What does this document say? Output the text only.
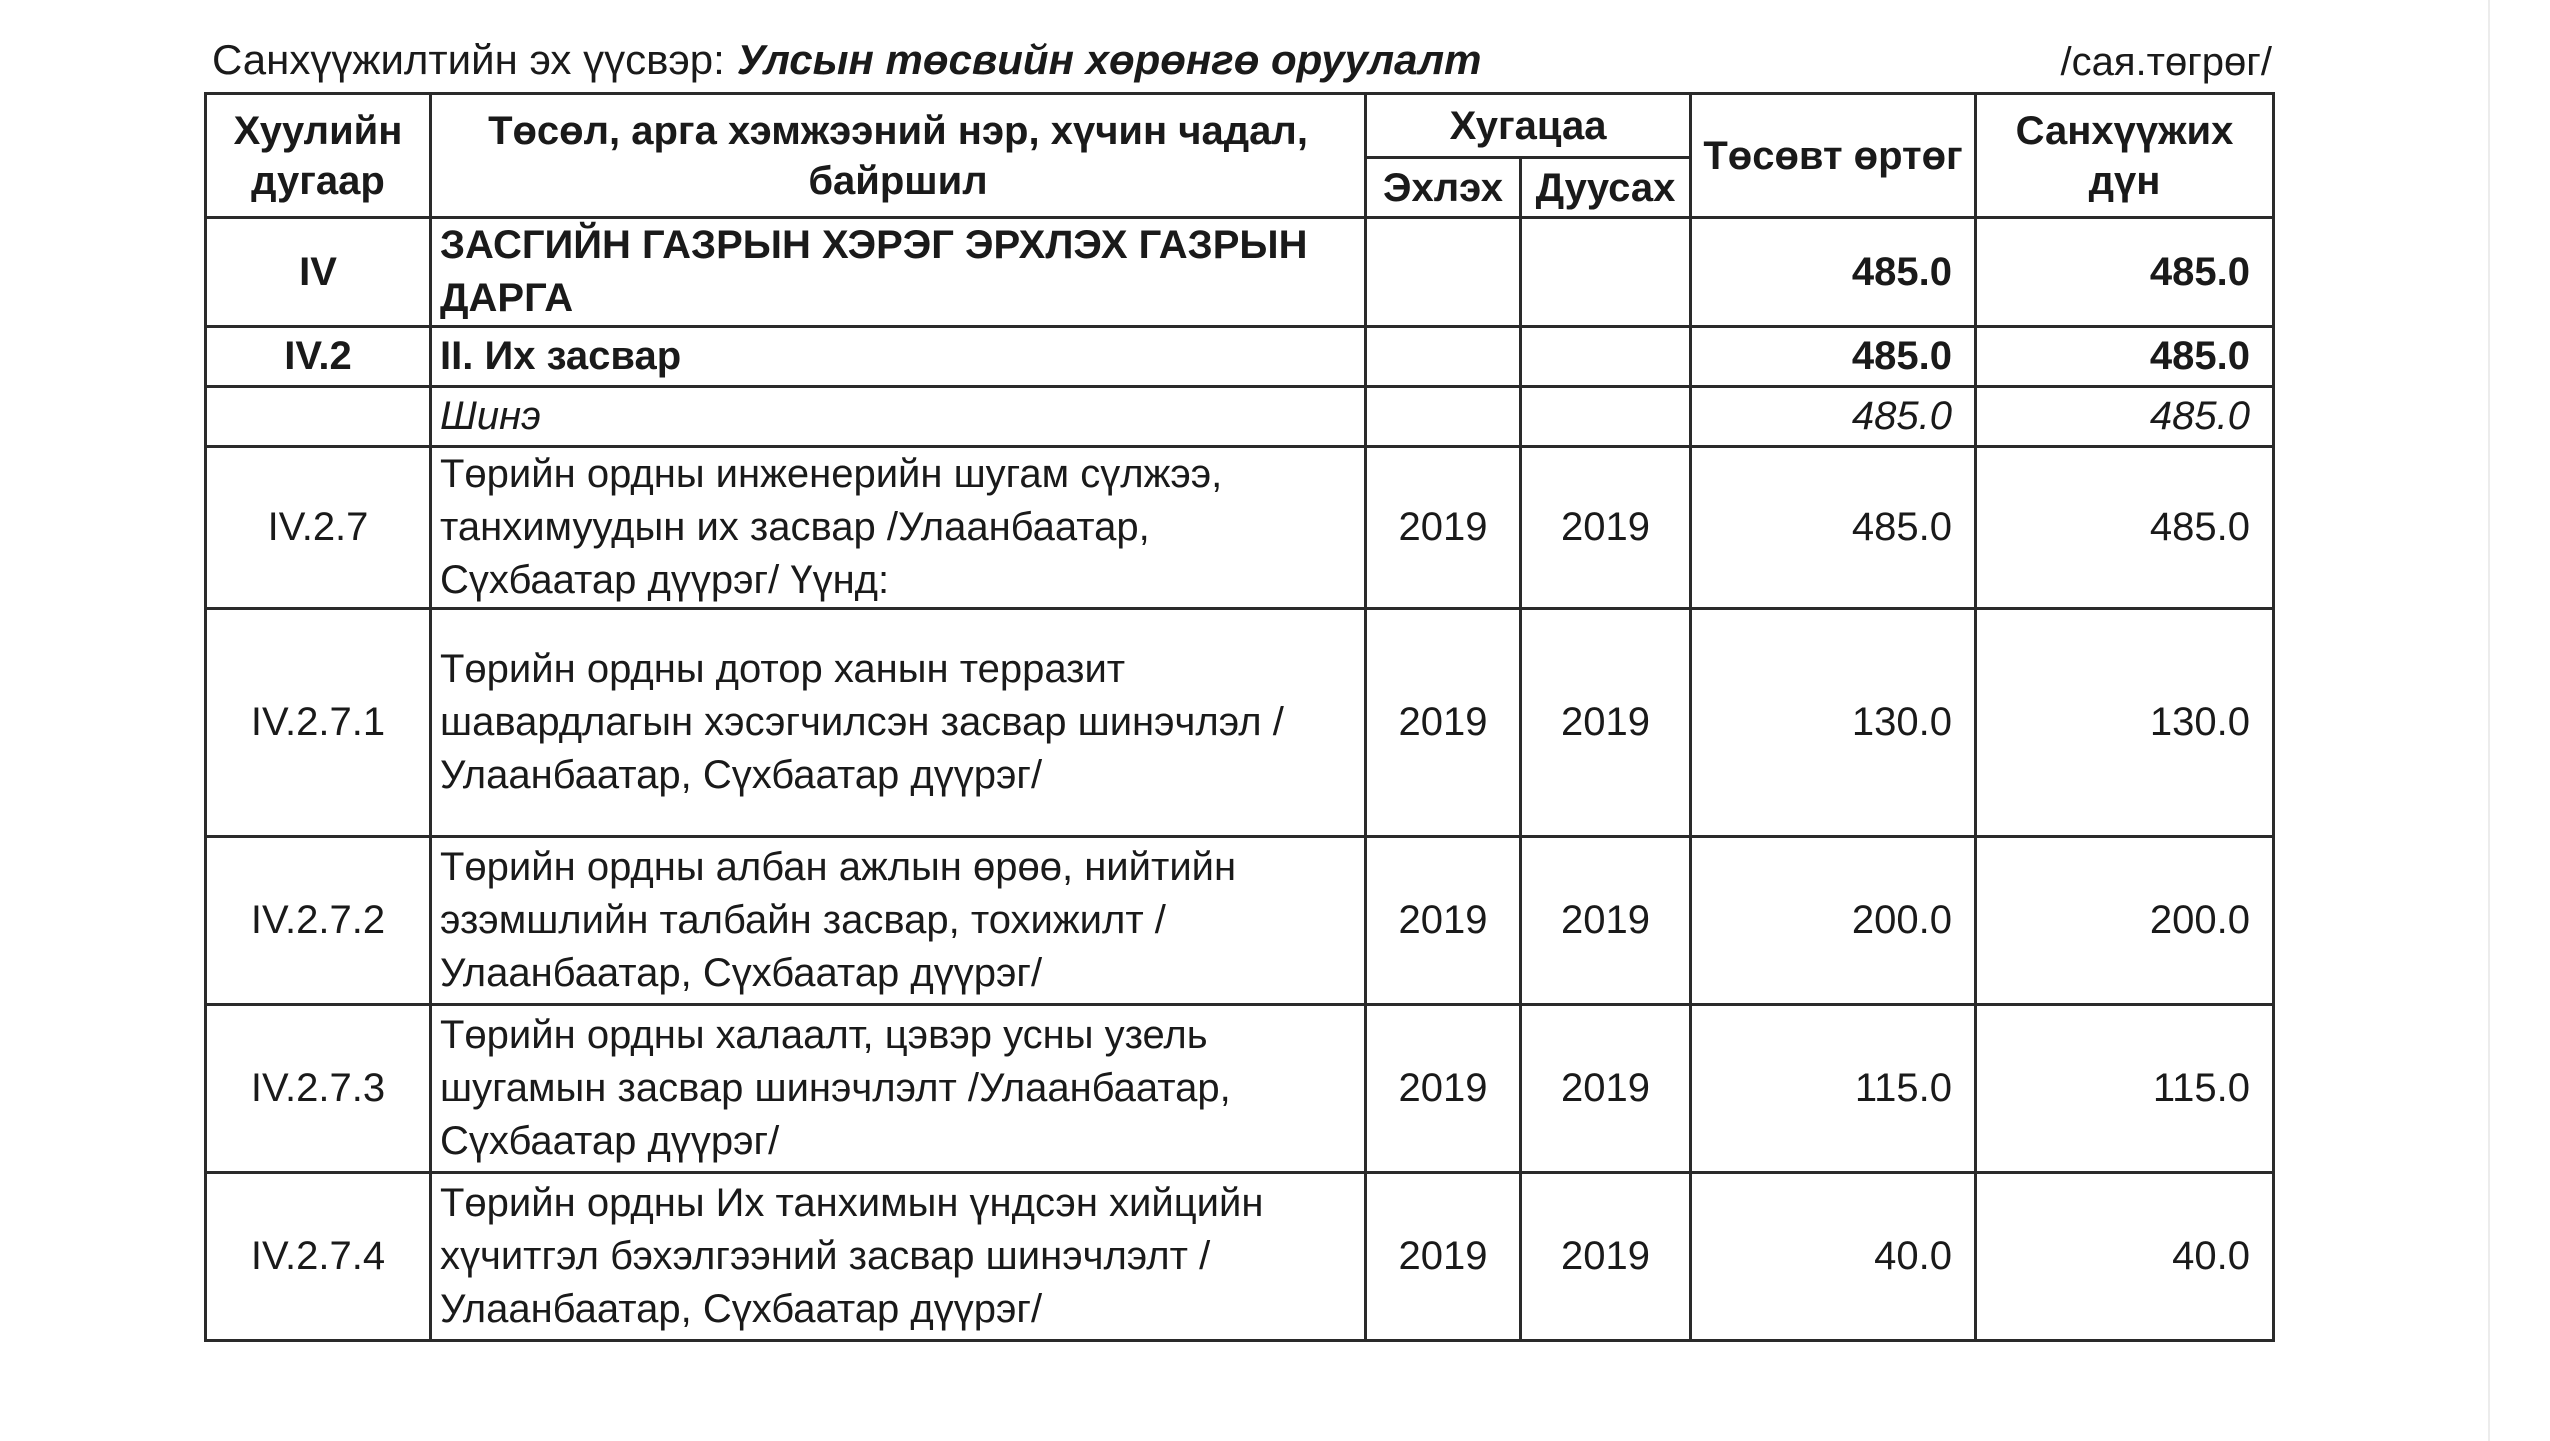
Санхүүжилтийн эх үүсвэр: Улсын төсвийн хөрөнгө оруулалт	/сая.төгрөг/
Хуулийн дугаар	Төсөл, арга хэмжээний нэр, хүчин чадал, байршил	Хугацаа		Төсөвт өртөг	Санхүүжих дүн
		Эхлэх	Дуусах		
IV	ЗАСГИЙН ГАЗРЫН ХЭРЭГ ЭРХЛЭХ ГАЗРЫН ДАРГА			485.0	485.0
IV.2	II. Их засвар			485.0	485.0
	Шинэ			485.0	485.0
IV.2.7	Төрийн ордны инженерийн шугам сүлжээ, танхимуудын их засвар /Улаанбаатар, Сүхбаатар дүүрэг/ Үүнд:	2019	2019	485.0	485.0
IV.2.7.1	Төрийн ордны дотор ханын терразит шавардлагын хэсэгчилсэн засвар шинэчлэл /Улаанбаатар, Сүхбаатар дүүрэг/	2019	2019	130.0	130.0
IV.2.7.2	Төрийн ордны албан ажлын өрөө, нийтийн эзэмшлийн талбайн засвар, тохижилт /Улаанбаатар, Сүхбаатар дүүрэг/	2019	2019	200.0	200.0
IV.2.7.3	Төрийн ордны халаалт, цэвэр усны узель шугамын засвар шинэчлэлт /Улаанбаатар, Сүхбаатар дүүрэг/	2019	2019	115.0	115.0
IV.2.7.4	Төрийн ордны Их танхимын үндсэн хийцийн хүчитгэл бэхэлгээний засвар шинэчлэлт /Улаанбаатар, Сүхбаатар дүүрэг/	2019	2019	40.0	40.0
